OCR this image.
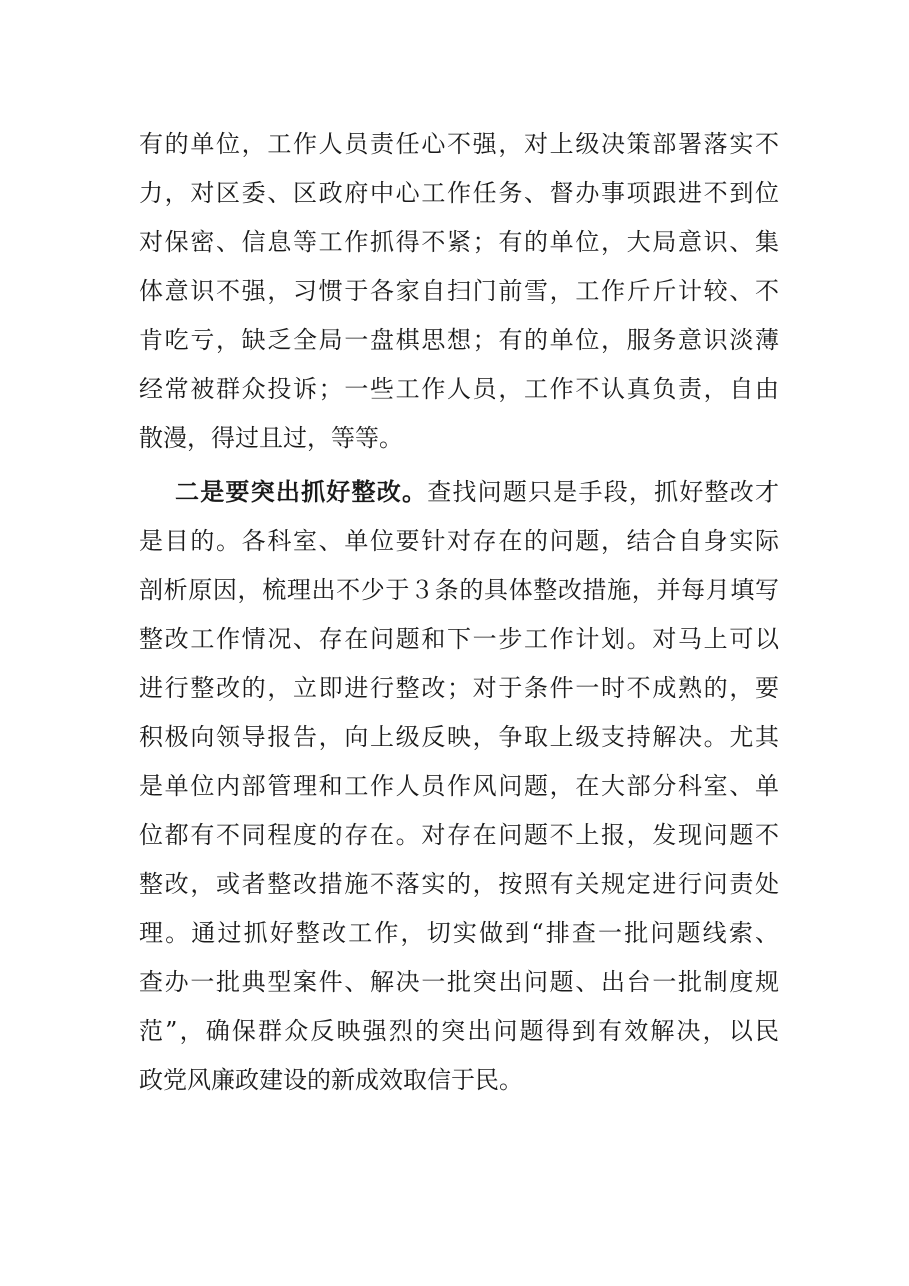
有的单位，工作人员责任心不强，对上级决策部署落实不
力，对区委、区政府中心工作任务、督办事项跟进不到位
对保密、信息等工作抓得不紧；有的单位，大局意识、集
体意识不强，习惯于各家自扫门前雪，工作斤斤计较、不
肯吃亏，缺乏全局一盘棋思想；有的单位，服务意识淡薄
经常被群众投诉；一些工作人员，工作不认真负责，自由
散漫，得过且过，等等。
二是要突出抓好整改。查找问题只是手段，抓好整改才
是目的。各科室、单位要针对存在的问题，结合自身实际
剖析原因，梳理出不少于３条的具体整改措施，并每月填写
整改工作情况、存在问题和下一步工作计划。对马上可以
进行整改的，立即进行整改；对于条件一时不成熟的，要
积极向领导报告，向上级反映，争取上级支持解决。尤其
是单位内部管理和工作人员作风问题，在大部分科室、单
位都有不同程度的存在。对存在问题不上报，发现问题不
整改，或者整改措施不落实的，按照有关规定进行问责处
理。通过抓好整改工作，切实做到“排查一批问题线索、
查办一批典型案件、解决一批突出问题、出台一批制度规
范”，确保群众反映强烈的突出问题得到有效解决，以民
政党风廉政建设的新成效取信于民。
